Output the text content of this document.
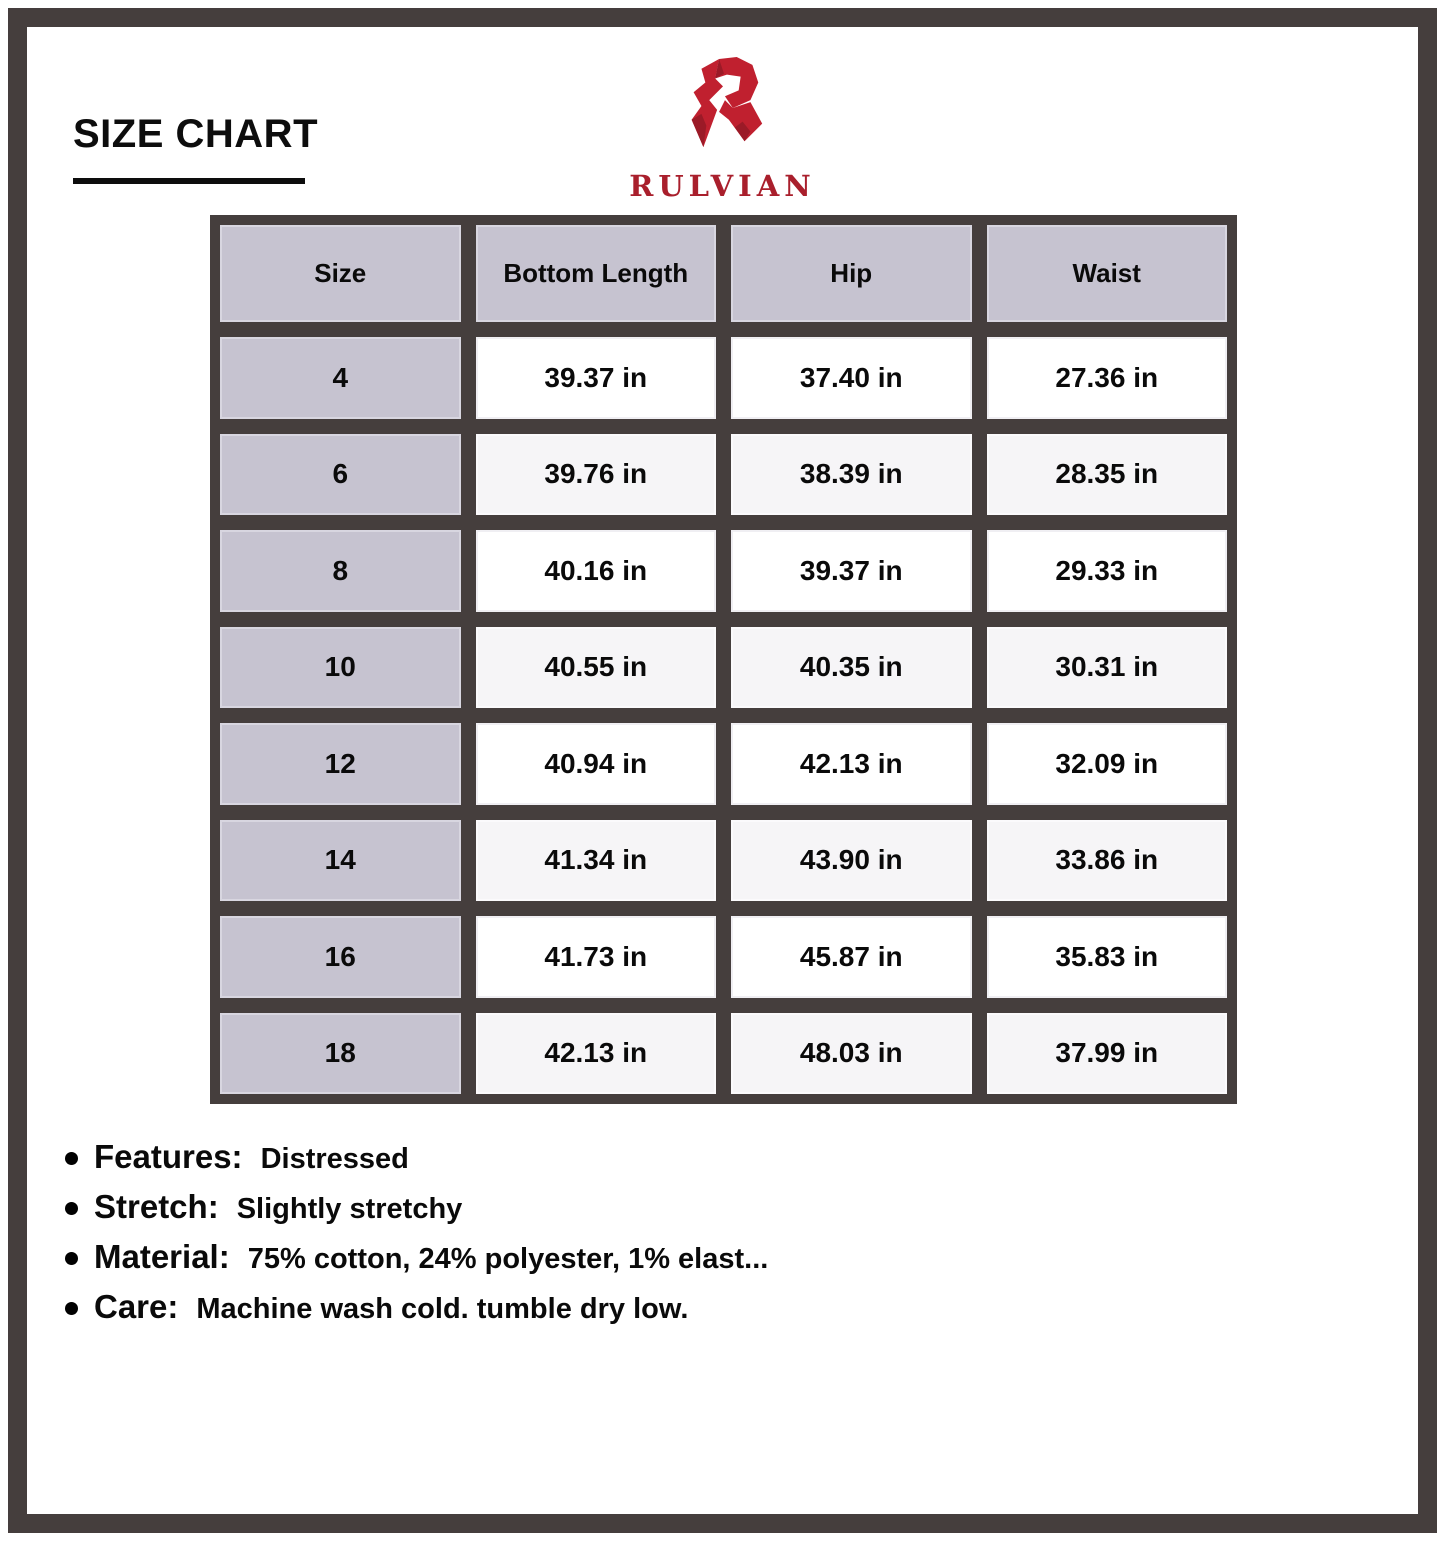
SIZE CHART
RULVIAN
Size	Bottom Length	Hip	Waist
4	39.37 in	37.40 in	27.36 in
6	39.76 in	38.39 in	28.35 in
8	40.16 in	39.37 in	29.33 in
10	40.55 in	40.35 in	30.31 in
12	40.94 in	42.13 in	32.09 in
14	41.34 in	43.90 in	33.86 in
16	41.73 in	45.87 in	35.83 in
18	42.13 in	48.03 in	37.99 in
Features: Distressed
Stretch: Slightly stretchy
Material: 75% cotton, 24% polyester, 1% elast...
Care: Machine wash cold. tumble dry low.
